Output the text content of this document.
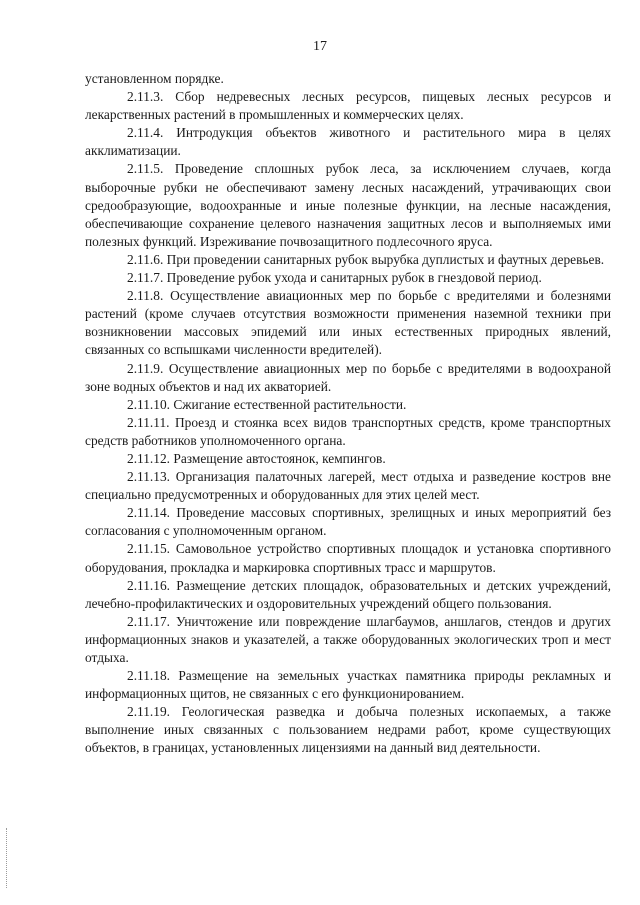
17

установленном порядке.

2.11.3. Сбор недревесных лесных ресурсов, пищевых лесных ресурсов и лекарственных растений в промышленных и коммерческих целях.

2.11.4. Интродукция объектов животного и растительного мира в целях акклиматизации.

2.11.5. Проведение сплошных рубок леса, за исключением случаев, когда выборочные рубки не обеспечивают замену лесных насаждений, утрачивающих свои средообразующие, водоохранные и иные полезные функции, на лесные насаждения, обеспечивающие сохранение целевого назначения защитных лесов и выполняемых ими полезных функций. Изреживание почвозащитного подлесочного яруса.

2.11.6. При проведении санитарных рубок вырубка дуплистых и фаутных деревьев.

2.11.7. Проведение рубок ухода и санитарных рубок в гнездовой период.

2.11.8. Осуществление авиационных мер по борьбе с вредителями и болезнями растений (кроме случаев отсутствия возможности применения наземной техники при возникновении массовых эпидемий или иных естественных природных явлений, связанных со вспышками численности вредителей).

2.11.9. Осуществление авиационных мер по борьбе с вредителями в водоохраной зоне водных объектов и над их акваторией.

2.11.10. Сжигание естественной растительности.

2.11.11. Проезд и стоянка всех видов транспортных средств, кроме транспортных средств работников уполномоченного органа.

2.11.12. Размещение автостоянок, кемпингов.

2.11.13. Организация палаточных лагерей, мест отдыха и разведение костров вне специально предусмотренных и оборудованных для этих целей мест.

2.11.14. Проведение массовых спортивных, зрелищных и иных мероприятий без согласования с уполномоченным органом.

2.11.15. Самовольное устройство спортивных площадок и установка спортивного оборудования, прокладка и маркировка спортивных трасс и маршрутов.

2.11.16. Размещение детских площадок, образовательных и детских учреждений, лечебно-профилактических и оздоровительных учреждений общего пользования.

2.11.17. Уничтожение или повреждение шлагбаумов, аншлагов, стендов и других информационных знаков и указателей, а также оборудованных экологических троп и мест отдыха.

2.11.18. Размещение на земельных участках памятника природы рекламных и информационных щитов, не связанных с его функционированием.

2.11.19. Геологическая разведка и добыча полезных ископаемых, а также выполнение иных связанных с пользованием недрами работ, кроме существующих объектов, в границах, установленных лицензиями на данный вид деятельности.
